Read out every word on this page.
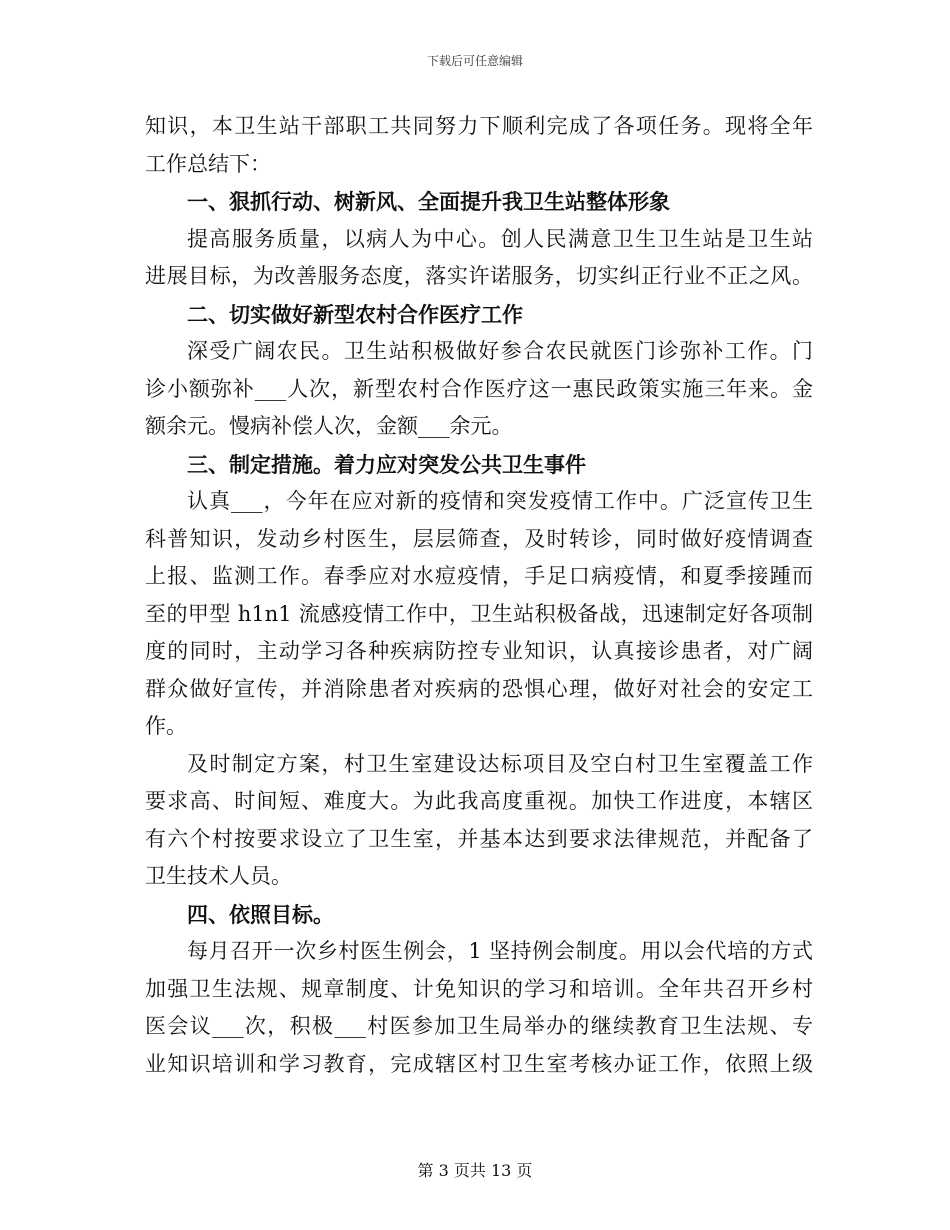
下载后可任意编辑
知识，本卫生站干部职工共同努力下顺利完成了各项任务。现将全年
工作总结下：
一、狠抓行动、树新风、全面提升我卫生站整体形象
提高服务质量，以病人为中心。创人民满意卫生卫生站是卫生站
进展目标，为改善服务态度，落实许诺服务，切实纠正行业不正之风。
二、切实做好新型农村合作医疗工作
深受广阔农民。卫生站积极做好参合农民就医门诊弥补工作。门
诊小额弥补___人次，新型农村合作医疗这一惠民政策实施三年来。金
额余元。慢病补偿人次，金额___余元。
三、制定措施。着力应对突发公共卫生事件
认真___，今年在应对新的疫情和突发疫情工作中。广泛宣传卫生
科普知识，发动乡村医生，层层筛查，及时转诊，同时做好疫情调查
上报、监测工作。春季应对水痘疫情，手足口病疫情，和夏季接踵而
至的甲型 h1n1 流感疫情工作中，卫生站积极备战，迅速制定好各项制
度的同时，主动学习各种疾病防控专业知识，认真接诊患者，对广阔
群众做好宣传，并消除患者对疾病的恐惧心理，做好对社会的安定工
作。
及时制定方案，村卫生室建设达标项目及空白村卫生室覆盖工作
要求高、时间短、难度大。为此我高度重视。加快工作进度，本辖区
有六个村按要求设立了卫生室，并基本达到要求法律规范，并配备了
卫生技术人员。
四、依照目标。
每月召开一次乡村医生例会，1 坚持例会制度。用以会代培的方式
加强卫生法规、规章制度、计免知识的学习和培训。全年共召开乡村
医会议___次，积极___村医参加卫生局举办的继续教育卫生法规、专
业知识培训和学习教育，完成辖区村卫生室考核办证工作，依照上级
第 3 页共 13 页
